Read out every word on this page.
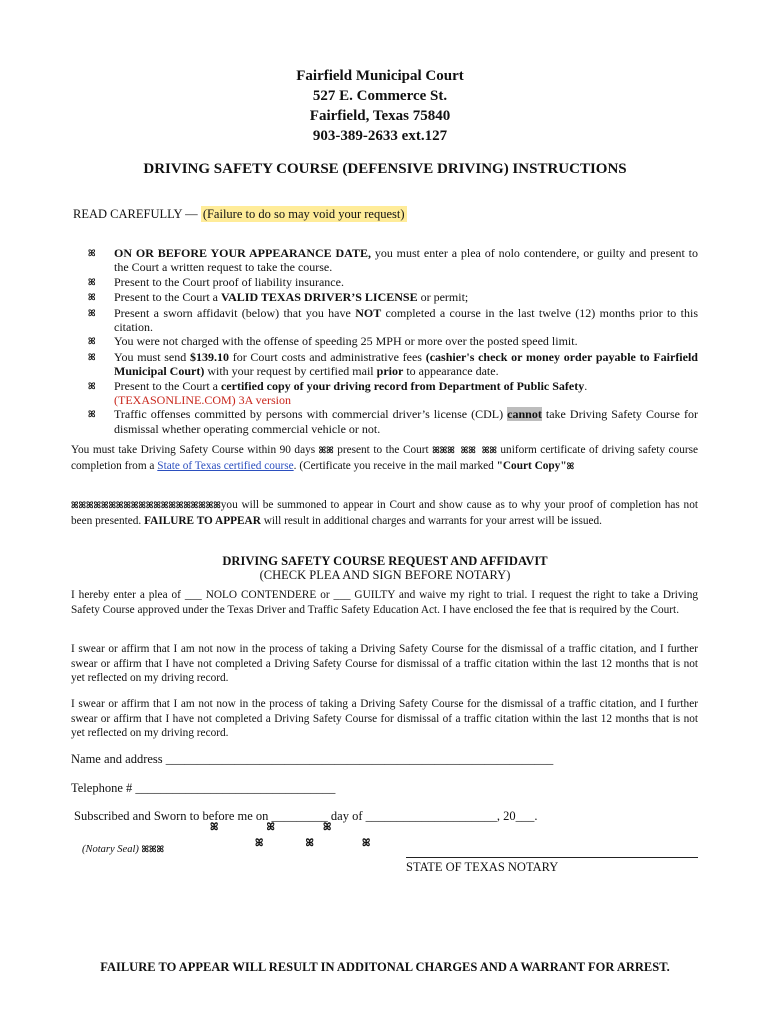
Fairfield Municipal Court
527 E. Commerce St.
Fairfield, Texas 75840
903-389-2633 ext.127
DRIVING SAFETY COURSE (DEFENSIVE DRIVING) INSTRUCTIONS
READ CAREFULLY — (Failure to do so may void your request)
ꕤ	ON OR BEFORE YOUR APPEARANCE DATE, you must enter a plea of nolo contendere, or guilty and present to the Court a written request to take the course.
ꕤ	Present to the Court proof of liability insurance.
ꕤ	Present to the Court a VALID TEXAS DRIVER’S LICENSE or permit;
ꕤ	Present a sworn affidavit (below) that you have NOT completed a course in the last twelve (12) months prior to this citation.
ꕤ	You were not charged with the offense of speeding 25 MPH or more over the posted speed limit.
ꕤ	You must send $139.10 for Court costs and administrative fees (cashier's check or money order payable to Fairfield Municipal Court) with your request by certified mail prior to appearance date.
ꕤ	Present to the Court a certified copy of your driving record from Department of Public Safety.
(TEXASONLINE.COM) 3A version
ꕤ	Traffic offenses committed by persons with commercial driver’s license (CDL) cannot take Driving Safety Course for dismissal whether operating commercial vehicle or not.
You must take Driving Safety Course within 90 days ꕤꕤ present to the Court ꕤꕤꕤ ꕤꕤ ꕤꕤ uniform certificate of driving safety course completion from a State of Texas certified course. (Certificate you receive in the mail marked "Court Copy"ꕤ
ꕤꕤꕤꕤꕤꕤꕤꕤꕤꕤꕤꕤꕤꕤꕤꕤꕤꕤꕤꕤyou will be summoned to appear in Court and show cause as to why your proof of completion has not been presented. FAILURE TO APPEAR will result in additional charges and warrants for your arrest will be issued.
DRIVING SAFETY COURSE REQUEST AND AFFIDAVIT
(CHECK PLEA AND SIGN BEFORE NOTARY)
I hereby enter a plea of ___ NOLO CONTENDERE or ___ GUILTY and waive my right to trial. I request the right to take a Driving Safety Course approved under the Texas Driver and Traffic Safety Education Act. I have enclosed the fee that is required by the Court.
I swear or affirm that I am not now in the process of taking a Driving Safety Course for the dismissal of a traffic citation, and I further swear or affirm that I have not completed a Driving Safety Course for dismissal of a traffic citation within the last 12 months that is not yet reflected on my driving record.
I swear or affirm that I am not now in the process of taking a Driving Safety Course for the dismissal of a traffic citation, and I further swear or affirm that I have not completed a Driving Safety Course for dismissal of a traffic citation within the last 12 months that is not yet reflected on my driving record.
Name and address ______________________________________________________________
Telephone # ________________________________
Subscribed and Sworn to before me on _________ day of _____________________, 20___.
ꕤ        ꕤ        ꕤ
ꕤ       ꕤ        ꕤ
(Notary Seal) ꕤꕤꕤ
STATE OF TEXAS NOTARY
FAILURE TO APPEAR WILL RESULT IN ADDITONAL CHARGES AND A WARRANT FOR ARREST.
